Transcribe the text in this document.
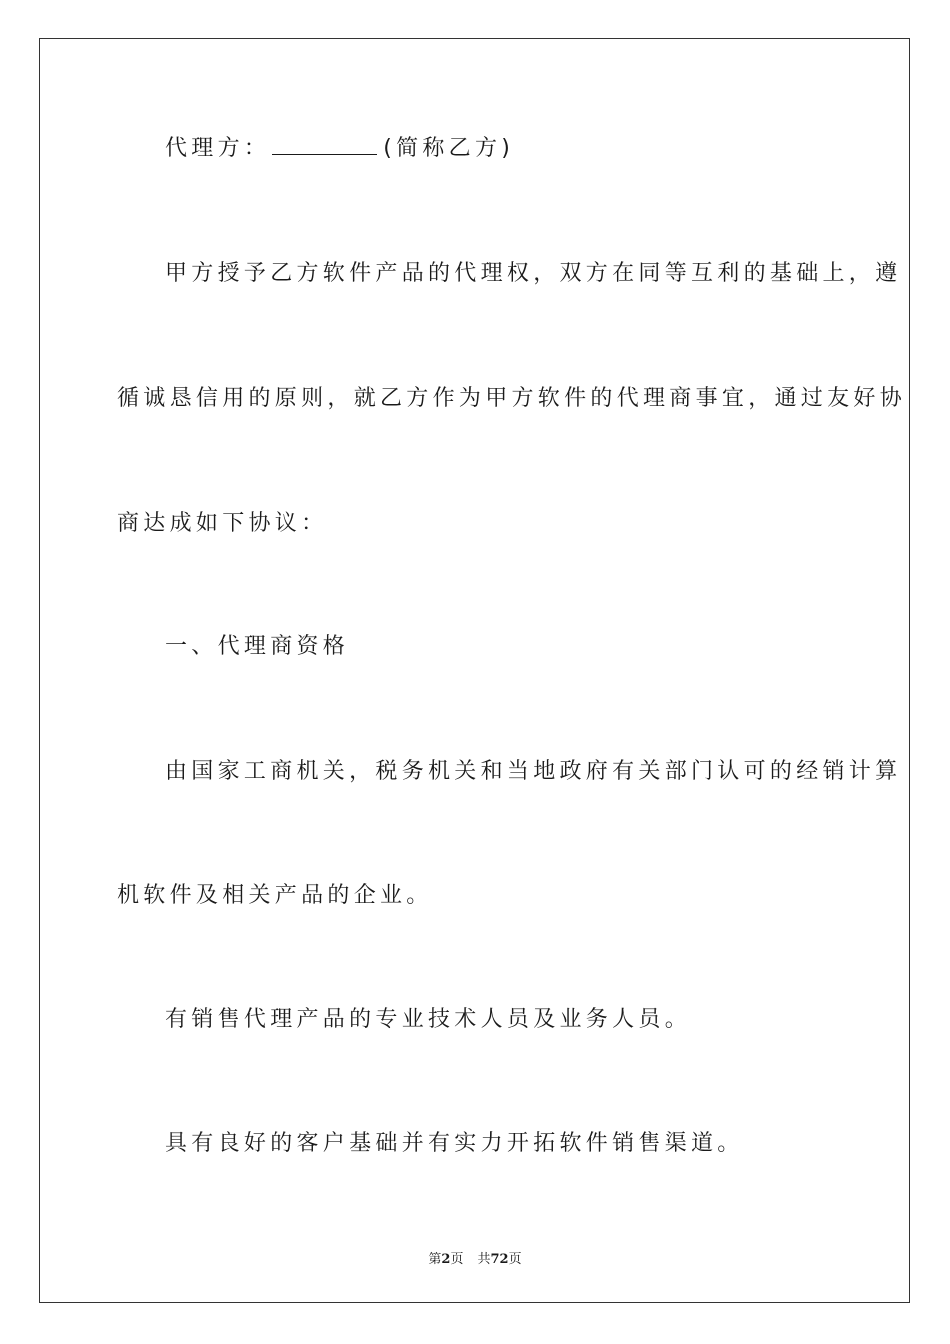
代理方：	(简称乙方)
甲方授予乙方软件产品的代理权，双方在同等互利的基础上，遵
循诚恳信用的原则，就乙方作为甲方软件的代理商事宜，通过友好协
商达成如下协议：
一、代理商资格
由国家工商机关，税务机关和当地政府有关部门认可的经销计算
机软件及相关产品的企业。
有销售代理产品的专业技术人员及业务人员。
具有良好的客户基础并有实力开拓软件销售渠道。
第2页 共72页
